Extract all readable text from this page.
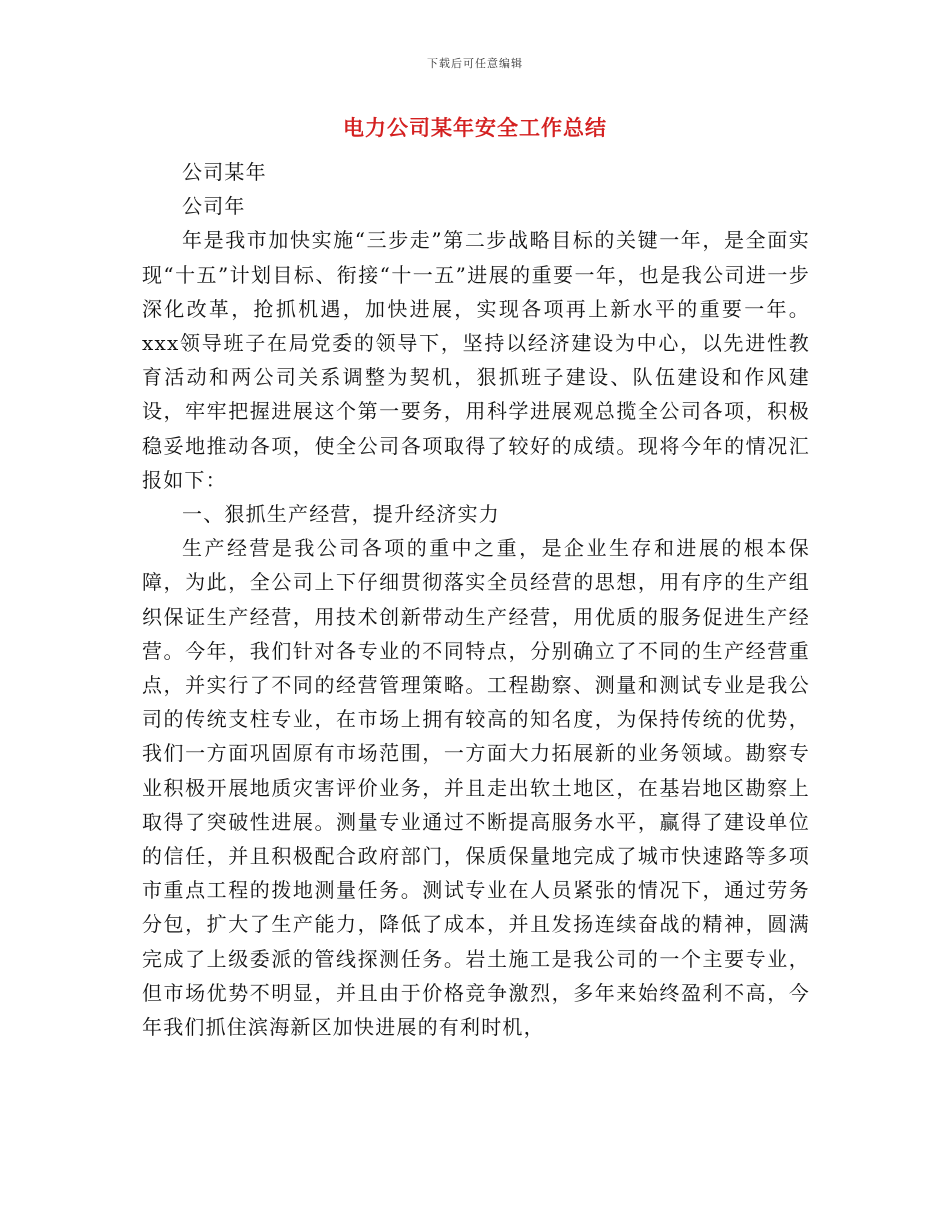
下载后可任意编辑
电力公司某年安全工作总结

公司某年

公司年

年是我市加快实施“三步走”第二步战略目标的关键一年，是全面实现“十五”计划目标、衔接“十一五”进展的重要一年，也是我公司进一步深化改革，抢抓机遇，加快进展，实现各项再上新水平的重要一年。xxx领导班子在局党委的领导下，坚持以经济建设为中心，以先进性教育活动和两公司关系调整为契机，狠抓班子建设、队伍建设和作风建设，牢牢把握进展这个第一要务，用科学进展观总揽全公司各项，积极稳妥地推动各项，使全公司各项取得了较好的成绩。现将今年的情况汇报如下：

一、狠抓生产经营，提升经济实力

生产经营是我公司各项的重中之重，是企业生存和进展的根本保障，为此，全公司上下仔细贯彻落实全员经营的思想，用有序的生产组织保证生产经营，用技术创新带动生产经营，用优质的服务促进生产经营。今年，我们针对各专业的不同特点，分别确立了不同的生产经营重点，并实行了不同的经营管理策略。工程勘察、测量和测试专业是我公司的传统支柱专业，在市场上拥有较高的知名度，为保持传统的优势，我们一方面巩固原有市场范围，一方面大力拓展新的业务领域。勘察专业积极开展地质灾害评价业务，并且走出软土地区，在基岩地区勘察上取得了突破性进展。测量专业通过不断提高服务水平，赢得了建设单位的信任，并且积极配合政府部门，保质保量地完成了城市快速路等多项市重点工程的拨地测量任务。测试专业在人员紧张的情况下，通过劳务分包，扩大了生产能力，降低了成本，并且发扬连续奋战的精神，圆满完成了上级委派的管线探测任务。岩土施工是我公司的一个主要专业，但市场优势不明显，并且由于价格竞争激烈，多年来始终盈利不高，今年我们抓住滨海新区加快进展的有利时机，
